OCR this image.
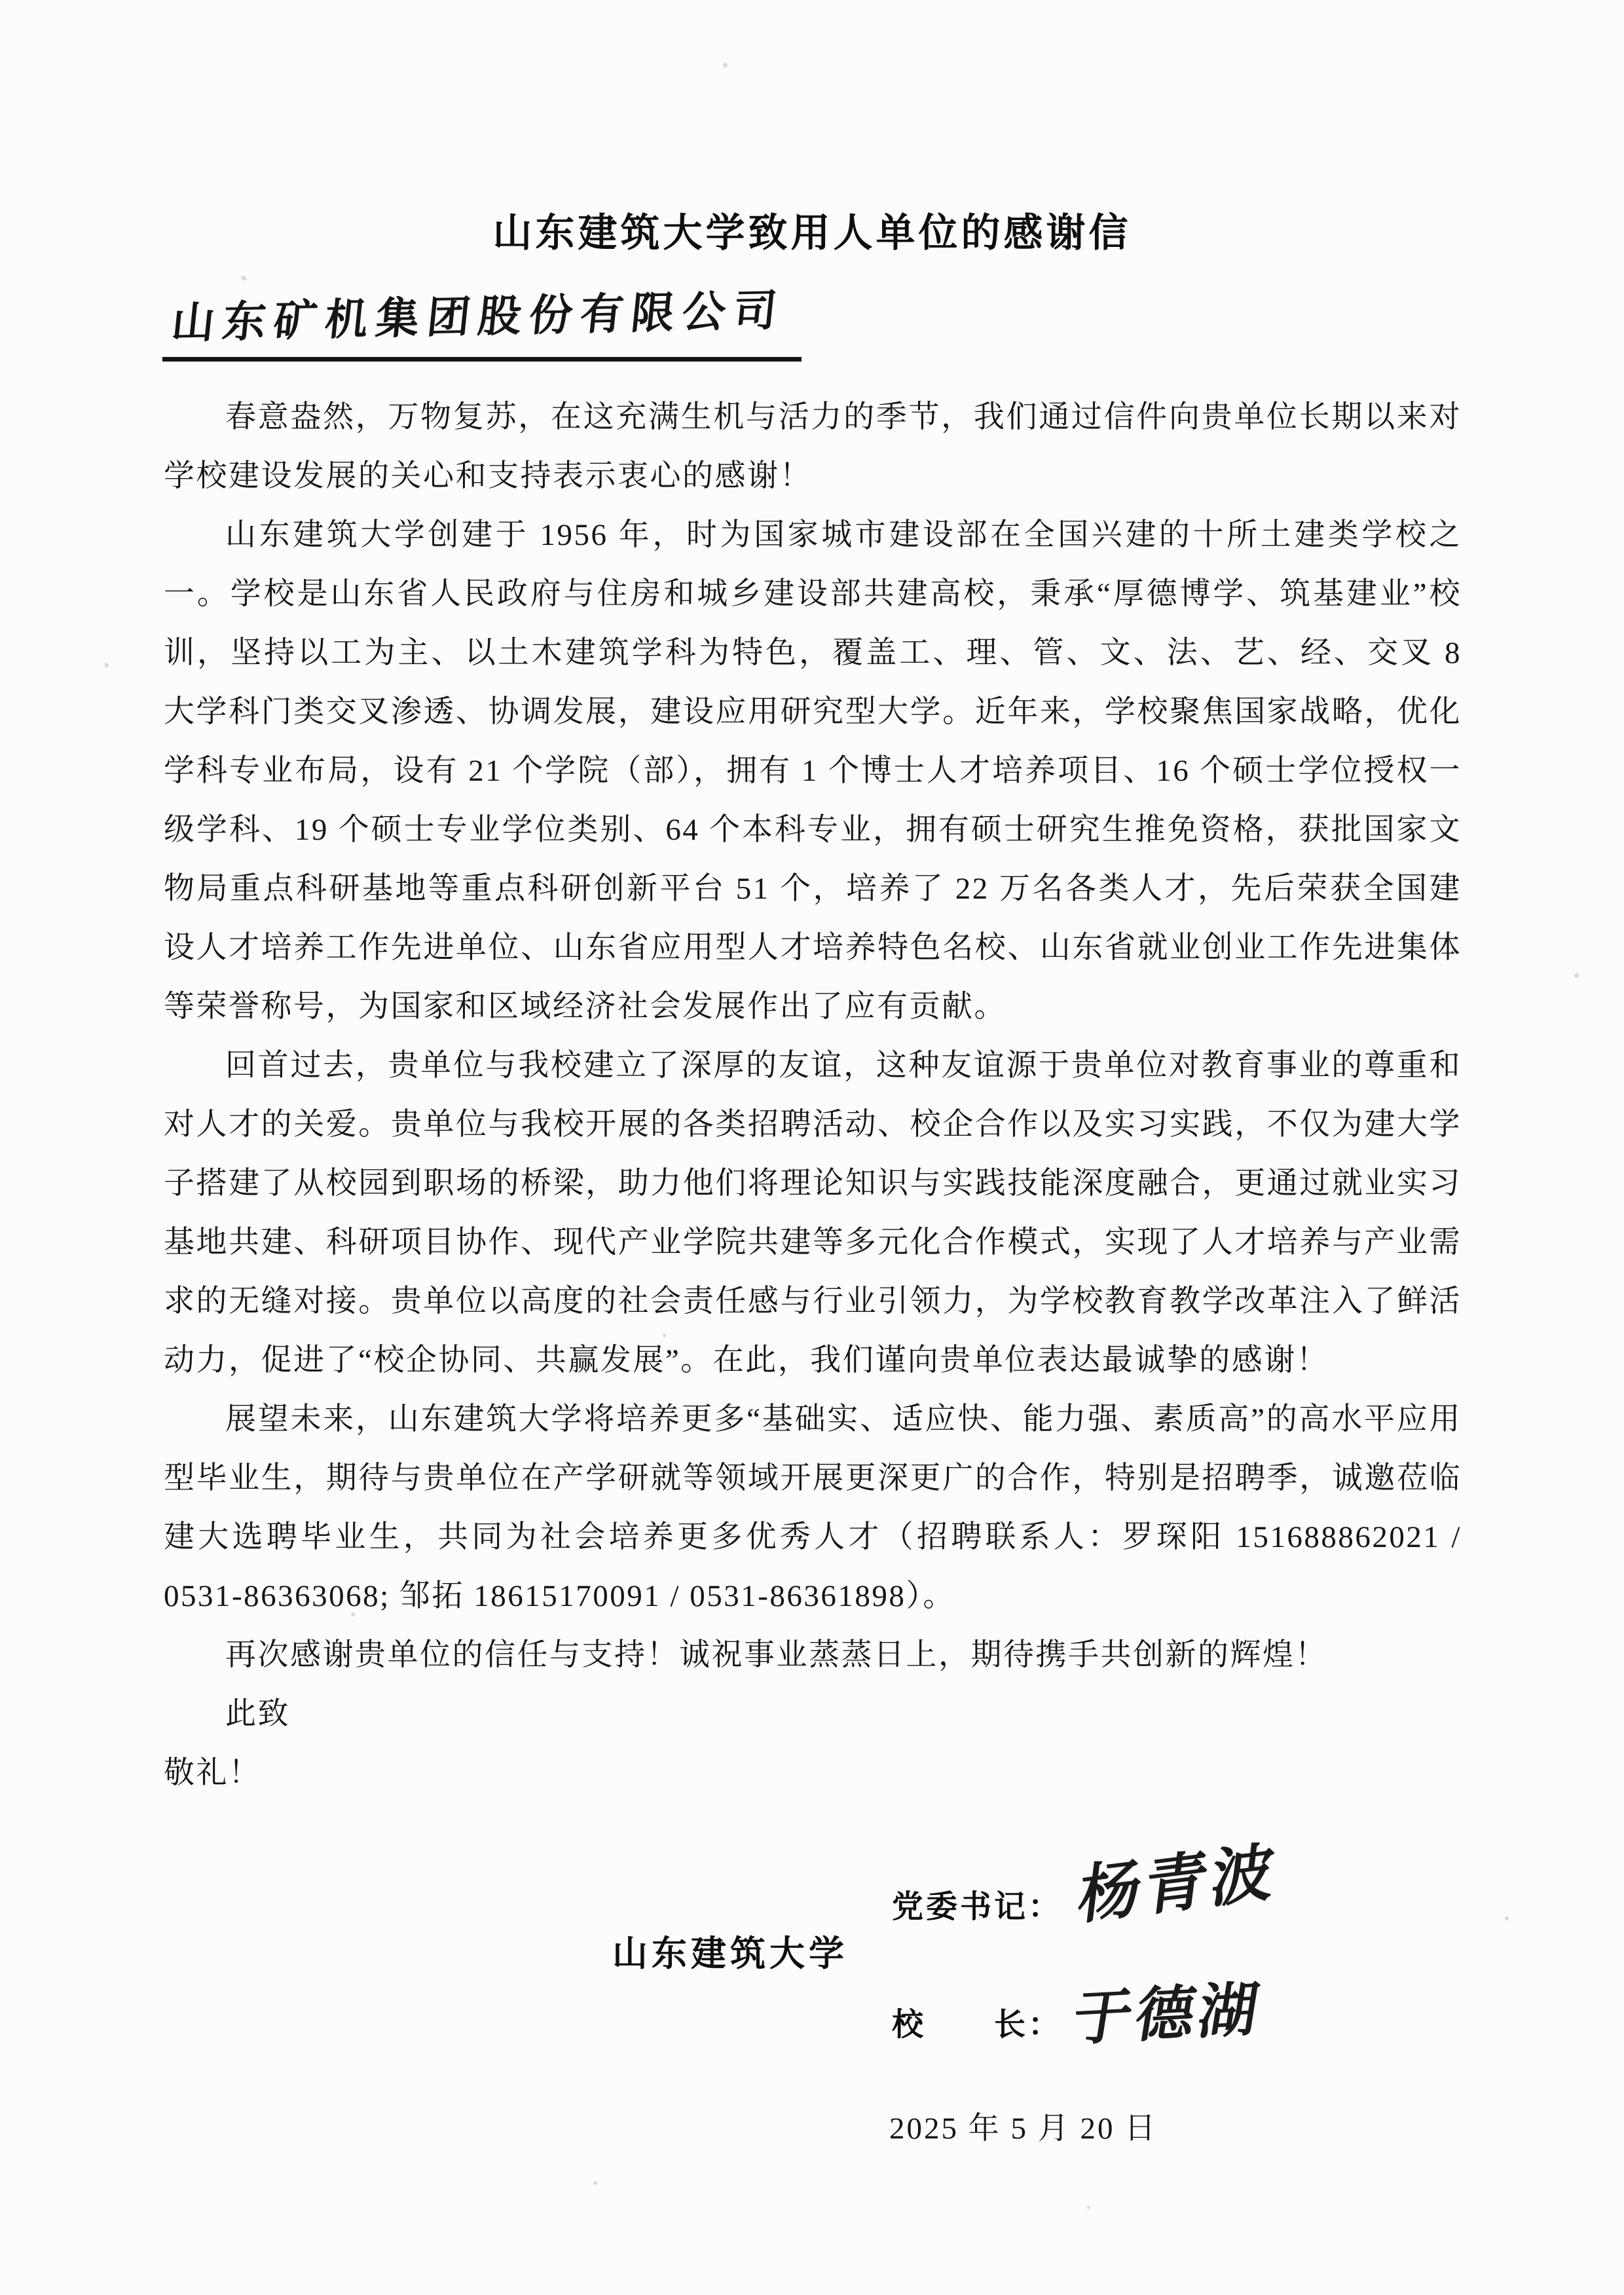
山东建筑大学致用人单位的感谢信
山东矿机集团股份有限公司

春意盎然，万物复苏，在这充满生机与活力的季节，我们通过信件向贵单位长期以来对学校建设发展的关心和支持表示衷心的感谢！

山东建筑大学创建于 1956 年，时为国家城市建设部在全国兴建的十所土建类学校之一。学校是山东省人民政府与住房和城乡建设部共建高校，秉承“厚德博学、筑基建业”校训，坚持以工为主、以土木建筑学科为特色，覆盖工、理、管、文、法、艺、经、交叉 8 大学科门类交叉渗透、协调发展，建设应用研究型大学。近年来，学校聚焦国家战略，优化学科专业布局，设有 21 个学院（部），拥有 1 个博士人才培养项目、16 个硕士学位授权一级学科、19 个硕士专业学位类别、64 个本科专业，拥有硕士研究生推免资格，获批国家文物局重点科研基地等重点科研创新平台 51 个，培养了 22 万名各类人才，先后荣获全国建设人才培养工作先进单位、山东省应用型人才培养特色名校、山东省就业创业工作先进集体等荣誉称号，为国家和区域经济社会发展作出了应有贡献。

回首过去，贵单位与我校建立了深厚的友谊，这种友谊源于贵单位对教育事业的尊重和对人才的关爱。贵单位与我校开展的各类招聘活动、校企合作以及实习实践，不仅为建大学子搭建了从校园到职场的桥梁，助力他们将理论知识与实践技能深度融合，更通过就业实习基地共建、科研项目协作、现代产业学院共建等多元化合作模式，实现了人才培养与产业需求的无缝对接。贵单位以高度的社会责任感与行业引领力，为学校教育教学改革注入了鲜活动力，促进了“校企协同、共赢发展”。在此，我们谨向贵单位表达最诚挚的感谢！

展望未来，山东建筑大学将培养更多“基础实、适应快、能力强、素质高”的高水平应用型毕业生，期待与贵单位在产学研就等领域开展更深更广的合作，特别是招聘季，诚邀莅临建大选聘毕业生，共同为社会培养更多优秀人才（招聘联系人：罗琛阳 151688862021 / 0531-86363068; 邹拓 18615170091 / 0531-86361898）。

再次感谢贵单位的信任与支持！诚祝事业蒸蒸日上，期待携手共创新的辉煌！

此致

敬礼！

山东建筑大学
党委书记： 杨青波
校　　长： 于德湖
2025 年 5 月 20 日
